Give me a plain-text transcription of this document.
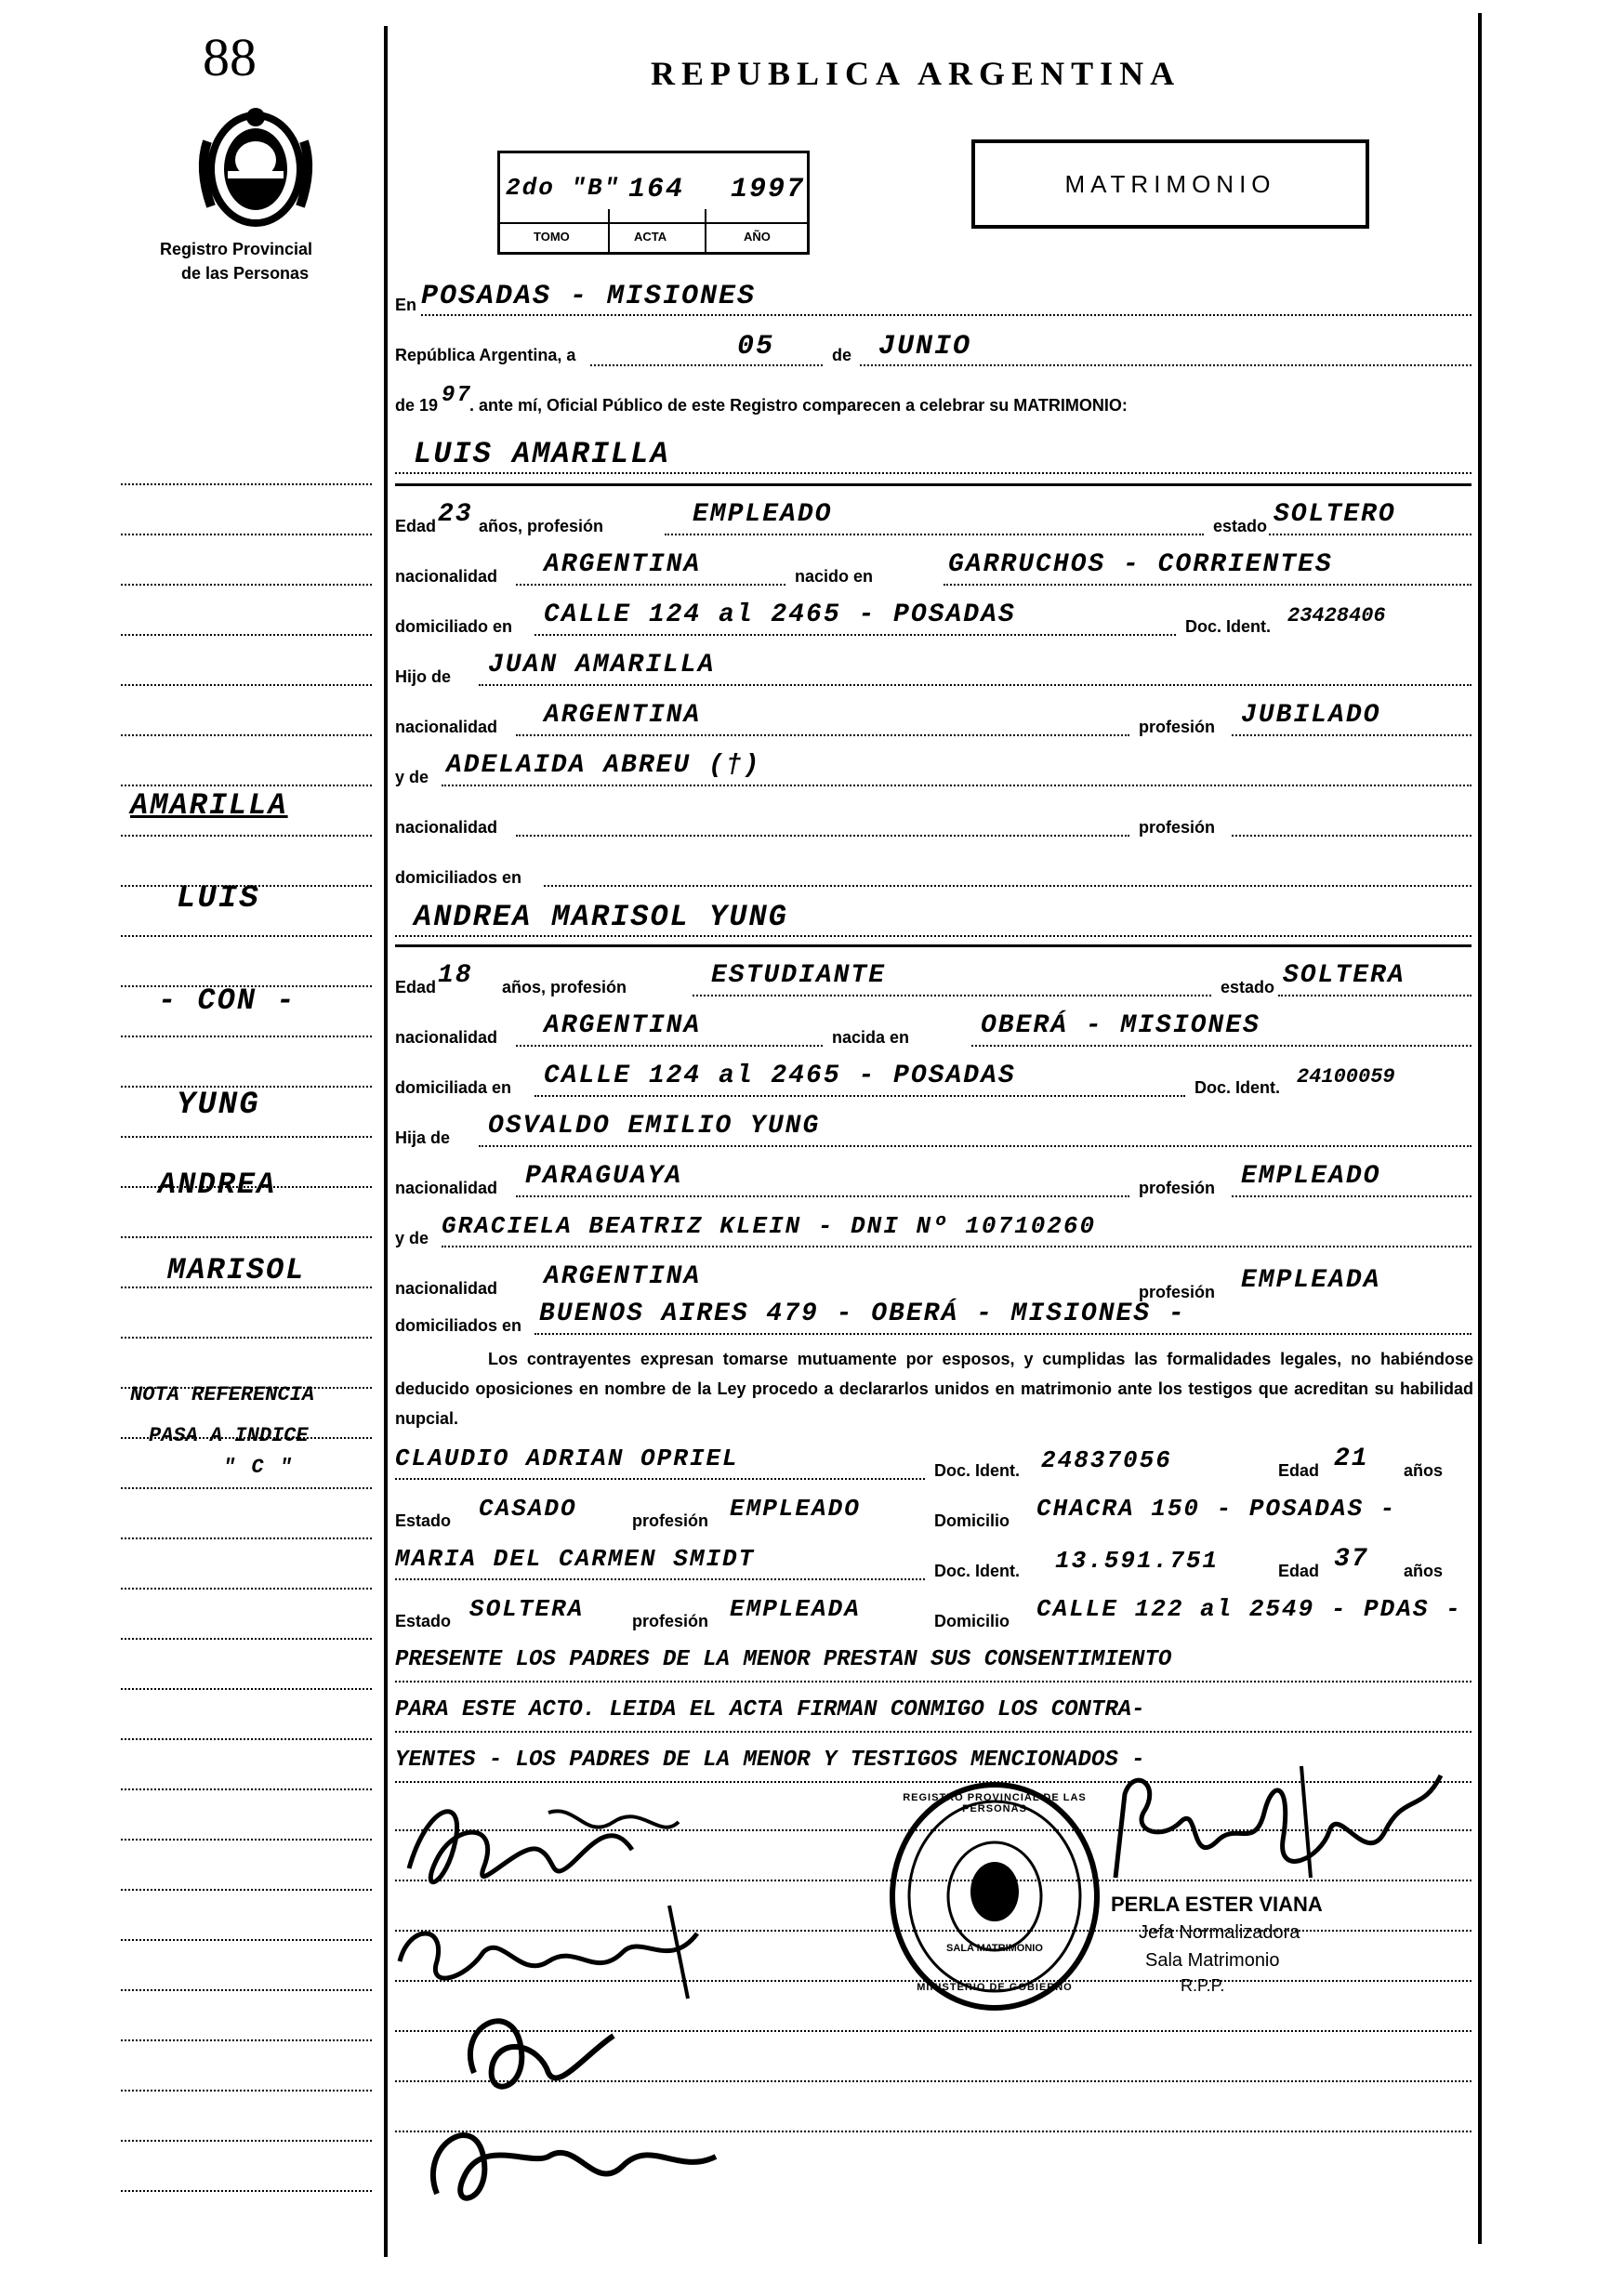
88
Registro Provincial
de las Personas
REPUBLICA ARGENTINA
2do "B" 164 1997
TOMO	ACTA	AÑO
MATRIMONIO
En POSADAS - MISIONES
República Argentina, a	05	de JUNIO
de 19 97
. ante mí, Oficial Público de este Registro comparecen a celebrar su MATRIMONIO:
LUIS AMARILLA
Edad 23 años, profesión	EMPLEADO	estado SOLTERO
nacionalidad ARGENTINA	nacido en	GARRUCHOS - CORRIENTES
domiciliado en CALLE 124 al 2465 - POSADAS	Doc. Ident. 23428406
Hijo de JUAN AMARILLA
nacionalidad ARGENTINA	profesión JUBILADO
y de ADELAIDA ABREU (†)
nacionalidad	profesión
domiciliados en
ANDREA MARISOL YUNG
Edad 18 años, profesión	ESTUDIANTE	estado SOLTERA
nacionalidad ARGENTINA	nacida en	OBERÁ - MISIONES
domiciliada en CALLE 124 al 2465 - POSADAS	Doc. Ident. 24100059
Hija de OSVALDO EMILIO YUNG
nacionalidad PARAGUAYA	profesión EMPLEADO
y de GRACIELA BEATRIZ KLEIN - DNI Nº 10710260
nacionalidad ARGENTINA
profesión EMPLEADA
domiciliados en BUENOS AIRES 479 - OBERÁ - MISIONES -
Los contrayentes expresan tomarse mutuamente por esposos, y cumplidas las formalidades legales, no habiéndose deducido oposiciones en nombre de la Ley procedo a declararlos unidos en matrimonio ante los testigos que acreditan su habilidad nupcial.
CLAUDIO ADRIAN OPRIEL	Doc. Ident. 24837056	Edad 21 años
Estado CASADO	profesión EMPLEADO	Domicilio CHACRA 150 - POSADAS -
MARIA DEL CARMEN SMIDT	Doc. Ident. 13.591.751	Edad 37 años
Estado SOLTERA	profesión EMPLEADA	Domicilio CALLE 122 al 2549 - PDAS -
PRESENTE LOS PADRES DE LA MENOR PRESTAN SUS CONSENTIMIENTO
PARA ESTE ACTO. LEIDA EL ACTA FIRMAN CONMIGO LOS CONTRA-
YENTES - LOS PADRES DE LA MENOR Y TESTIGOS MENCIONADOS -
REGISTRO PROVINCIAL DE LAS PERSONAS
SALA MATRIMONIO
MINISTERIO DE GOBIERNO
PERLA ESTER VIANA
Jefa Normalizadora
Sala Matrimonio
R.P.P.
AMARILLA
LUIS
- CON -
YUNG
ANDREA
MARISOL
NOTA REFERENCIA
PASA A INDICE
" C "
